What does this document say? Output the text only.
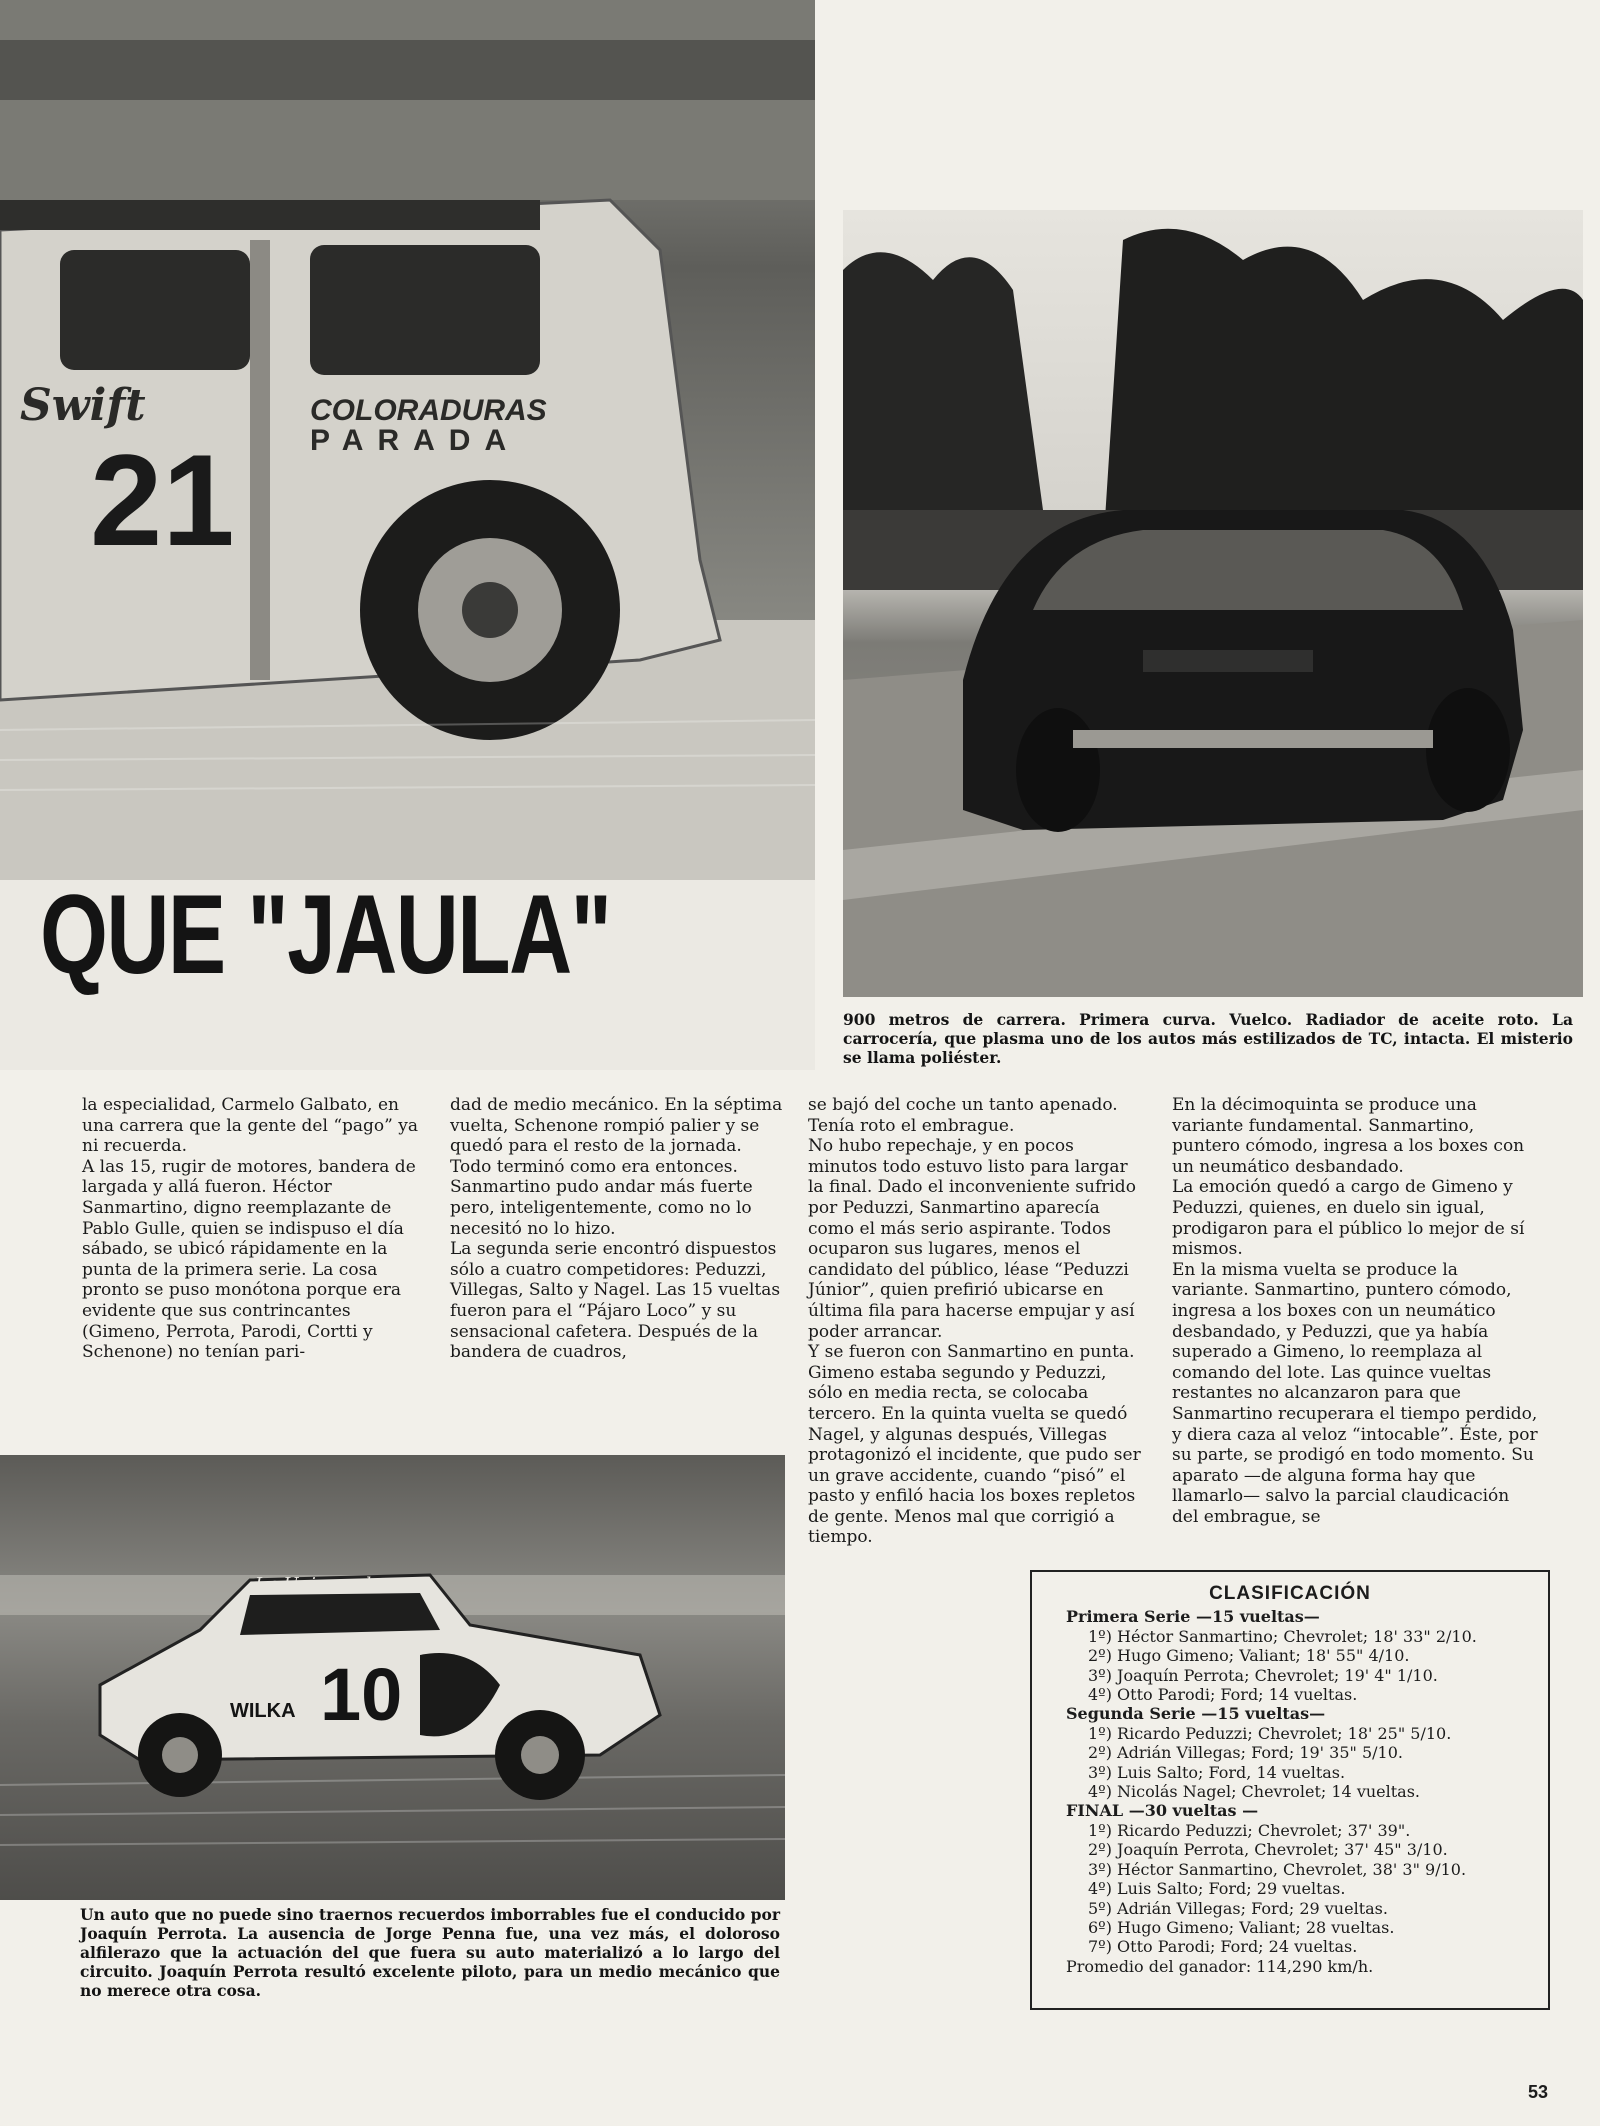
21
Swift	COLORADURAS
PARADA
QUE "JAULA"
900 metros de carrera. Primera curva. Vuelco. Radiador de aceite roto. La carrocería, que plasma uno de los autos más estilizados de TC, intacta. El misterio se llama poliéster.

la especialidad, Carmelo Galbato, en una carrera que la gente del “pago” ya ni recuerda.

A las 15, rugir de motores, bandera de largada y allá fueron. Héctor Sanmartino, digno reemplazante de Pablo Gulle, quien se indispuso el día sábado, se ubicó rápidamente en la punta de la primera serie. La cosa pronto se puso monótona porque era evidente que sus contrincantes (Gimeno, Perrota, Parodi, Cortti y Schenone) no tenían pari-

dad de medio mecánico. En la séptima vuelta, Schenone rompió palier y se quedó para el resto de la jornada. Todo terminó como era entonces. Sanmartino pudo andar más fuerte pero, inteligentemente, como no lo necesitó no lo hizo.

La segunda serie encontró dispuestos sólo a cuatro competidores: Peduzzi, Villegas, Salto y Nagel. Las 15 vueltas fueron para el “Pájaro Loco” y su sensacional cafetera. Después de la bandera de cuadros,

se bajó del coche un tanto apenado. Tenía roto el embrague.

No hubo repechaje, y en pocos minutos todo estuvo listo para largar la final. Dado el inconveniente sufrido por Peduzzi, Sanmartino aparecía como el más serio aspirante. Todos ocuparon sus lugares, menos el candidato del público, léase “Peduzzi Júnior”, quien prefirió ubicarse en última fila para hacerse empujar y así poder arrancar.

Y se fueron con Sanmartino en punta. Gimeno estaba segundo y Peduzzi, sólo en media recta, se colocaba tercero. En la quinta vuelta se quedó Nagel, y algunas después, Villegas protagonizó el incidente, que pudo ser un grave accidente, cuando “pisó” el pasto y enfiló hacia los boxes repletos de gente. Menos mal que corrigió a tiempo.

En la décimoquinta se produce una variante fundamental. Sanmartino, puntero cómodo, ingresa a los boxes con un neumático desbandado.

La emoción quedó a cargo de Gimeno y Peduzzi, quienes, en duelo sin igual, prodigaron para el público lo mejor de sí mismos.

En la misma vuelta se produce la variante. Sanmartino, puntero cómodo, ingresa a los boxes con un neumático desbandado, y Peduzzi, que ya había superado a Gimeno, lo reemplaza al comando del lote. Las quince vueltas restantes no alcanzaron para que Sanmartino recuperara el tiempo perdido, y diera caza al veloz “intocable”. Éste, por su parte, se prodigó en todo momento. Su aparato —de alguna forma hay que llamarlo— salvo la parcial claudicación del embrague, se

10
WILKA
La Universal
Un auto que no puede sino traernos recuerdos imborrables fue el conducido por Joaquín Perrota. La ausencia de Jorge Penna fue, una vez más, el doloroso alfilerazo que la actuación del que fuera su auto materializó a lo largo del circuito. Joaquín Perrota resultó excelente piloto, para un medio mecánico que no merece otra cosa.
CLASIFICACIÓN
Primera Serie —15 vueltas—
1º) Héctor Sanmartino; Chevrolet; 18' 33" 2/10.
2º) Hugo Gimeno; Valiant; 18' 55" 4/10.
3º) Joaquín Perrota; Chevrolet; 19' 4" 1/10.
4º) Otto Parodi; Ford; 14 vueltas.
Segunda Serie —15 vueltas—
1º) Ricardo Peduzzi; Chevrolet; 18' 25" 5/10.
2º) Adrián Villegas; Ford; 19' 35" 5/10.
3º) Luis Salto; Ford, 14 vueltas.
4º) Nicolás Nagel; Chevrolet; 14 vueltas.
FINAL —30 vueltas —
1º) Ricardo Peduzzi; Chevrolet; 37' 39".
2º) Joaquín Perrota, Chevrolet; 37' 45" 3/10.
3º) Héctor Sanmartino, Chevrolet, 38' 3" 9/10.
4º) Luis Salto; Ford; 29 vueltas.
5º) Adrián Villegas; Ford; 29 vueltas.
6º) Hugo Gimeno; Valiant; 28 vueltas.
7º) Otto Parodi; Ford; 24 vueltas.
Promedio del ganador: 114,290 km/h.
53
